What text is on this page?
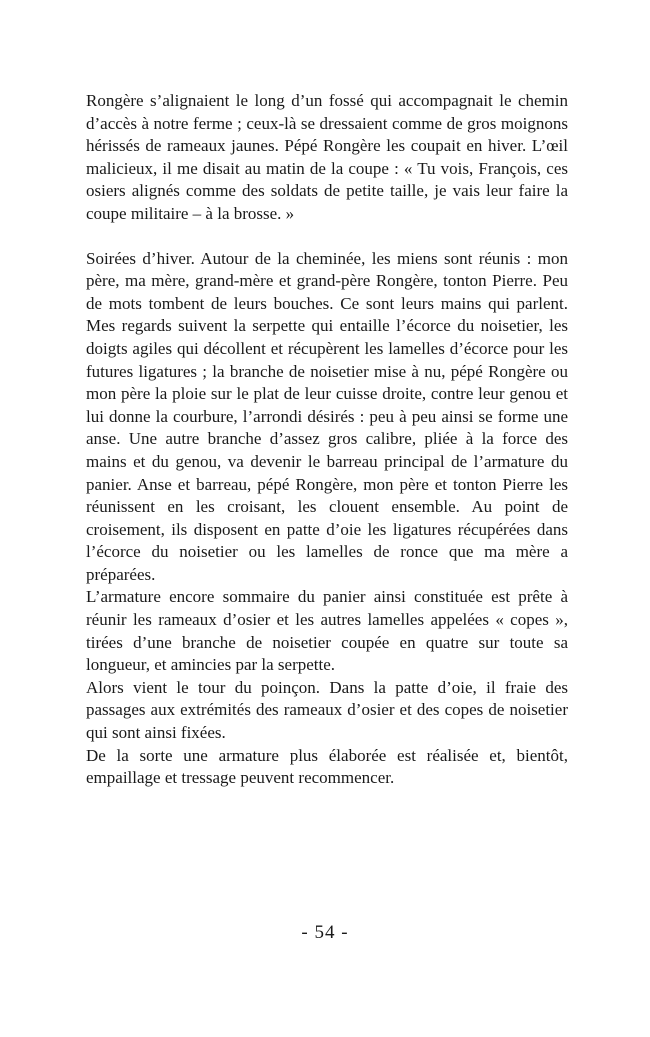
Rongère s’alignaient le long d’un fossé qui accompagnait le chemin d’accès à notre ferme ; ceux-là se dressaient comme de gros moignons hérissés de rameaux jaunes. Pépé Rongère les coupait en hiver. L’œil malicieux, il me disait au matin de la coupe : « Tu vois, François, ces osiers alignés comme des soldats de petite taille, je vais leur faire la coupe militaire – à la brosse. »

Soirées d’hiver. Autour de la cheminée, les miens sont réunis : mon père, ma mère, grand-mère et grand-père Rongère, tonton Pierre. Peu de mots tombent de leurs bouches. Ce sont leurs mains qui parlent. Mes regards suivent la serpette qui entaille l’écorce du noisetier, les doigts agiles qui décollent et récupèrent les lamelles d’écorce pour les futures ligatures ; la branche de noisetier mise à nu, pépé Rongère ou mon père la ploie sur le plat de leur cuisse droite, contre leur genou et lui donne la courbure, l’arrondi désirés : peu à peu ainsi se forme une anse. Une autre branche d’assez gros calibre, pliée à la force des mains et du genou, va devenir le barreau principal de l’armature du panier. Anse et barreau, pépé Rongère, mon père et tonton Pierre les réunissent en les croisant, les clouent ensemble. Au point de croisement, ils disposent en patte d’oie les ligatures récupérées dans l’écorce du noisetier ou les lamelles de ronce que ma mère a préparées.

L’armature encore sommaire du panier ainsi constituée est prête à réunir les rameaux d’osier et les autres lamelles appelées « copes », tirées d’une branche de noisetier coupée en quatre sur toute sa longueur, et amincies par la serpette.

Alors vient le tour du poinçon. Dans la patte d’oie, il fraie des passages aux extrémités des rameaux d’osier et des copes de noisetier qui sont ainsi fixées.

De la sorte une armature plus élaborée est réalisée et, bientôt, empaillage et tressage peuvent recommencer.

- 54 -
